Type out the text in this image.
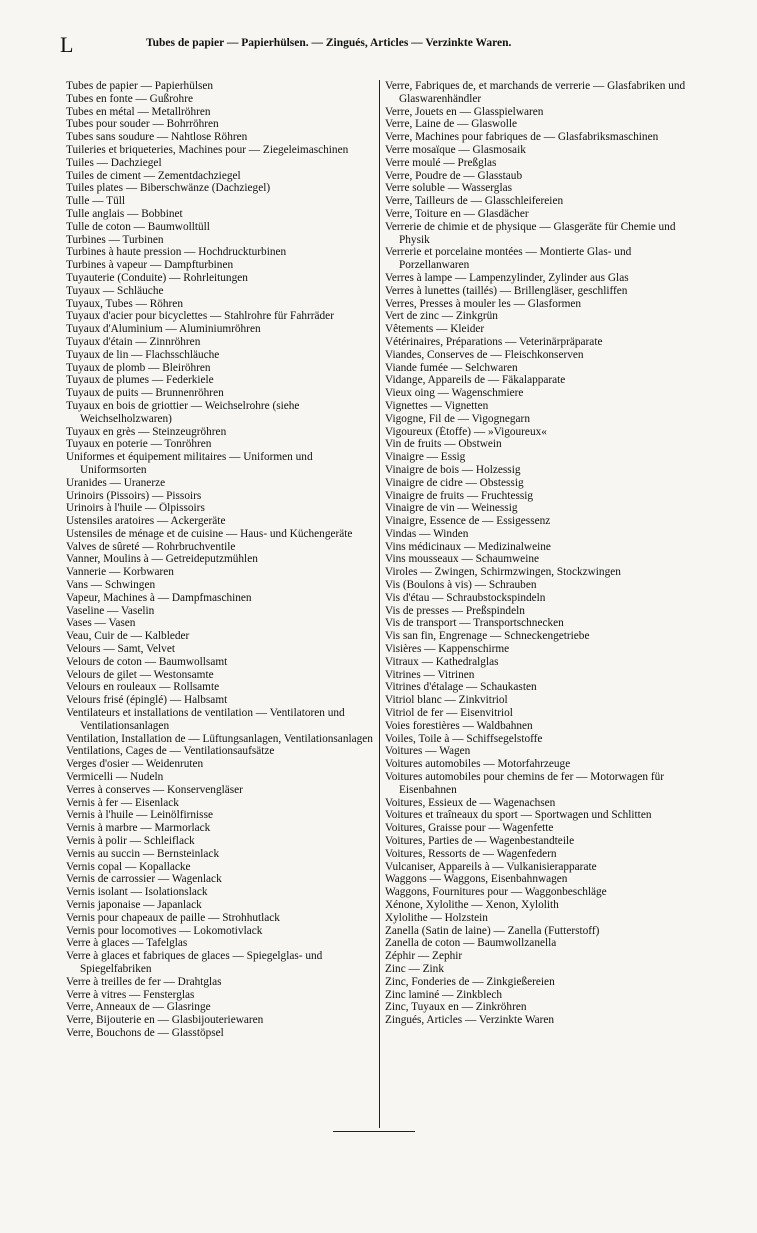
L	Tubes de papier — Papierhülsen. — Zingués, Articles — Verzinkte Waren.
Tubes de papier — Papierhülsen
Tubes en fonte — Gußrohre
Tubes en métal — Metallröhren
Tubes pour souder — Bohrröhren
Tubes sans soudure — Nahtlose Röhren
Tuileries et briqueteries, Machines pour — Ziegeleimaschinen
Tuiles — Dachziegel
Tuiles de ciment — Zementdachziegel
Tuiles plates — Biberschwänze (Dachziegel)
Tulle — Tüll
Tulle anglais — Bobbinet
Tulle de coton — Baumwolltüll
Turbines — Turbinen
Turbines à haute pression — Hochdruckturbinen
Turbines à vapeur — Dampfturbinen
Tuyauterie (Conduite) — Rohrleitungen
Tuyaux — Schläuche
Tuyaux, Tubes — Röhren
Tuyaux d'acier pour bicyclettes — Stahlrohre für Fahrräder
Tuyaux d'Aluminium — Aluminiumröhren
Tuyaux d'étain — Zinnröhren
Tuyaux de lin — Flachsschläuche
Tuyaux de plomb — Bleiröhren
Tuyaux de plumes — Federkiele
Tuyaux de puits — Brunnenröhren
Tuyaux en bois de griottier — Weichselrohre (siehe Weichselholzwaren)
Tuyaux en grès — Steinzeugröhren
Tuyaux en poterie — Tonröhren
Uniformes et équipement militaires — Uniformen und Uniformsorten
Uranides — Uranerze
Urinoirs (Pissoirs) — Pissoirs
Urinoirs à l'huile — Ölpissoirs
Ustensiles aratoires — Ackergeräte
Ustensiles de ménage et de cuisine — Haus- und Küchengeräte
Valves de sûreté — Rohrbruchventile
Vanner, Moulins à — Getreideputzmühlen
Vannerie — Korbwaren
Vans — Schwingen
Vapeur, Machines à — Dampfmaschinen
Vaseline — Vaselin
Vases — Vasen
Veau, Cuir de — Kalbleder
Velours — Samt, Velvet
Velours de coton — Baumwollsamt
Velours de gilet — Westonsamte
Velours en rouleaux — Rollsamte
Velours frisé (épinglé) — Halbsamt
Ventilateurs et installations de ventilation — Ventilatoren und Ventilationsanlagen
Ventilation, Installation de — Lüftungsanlagen, Ventilationsanlagen
Ventilations, Cages de — Ventilationsaufsätze
Verges d'osier — Weidenruten
Vermicelli — Nudeln
Verres à conserves — Konservengläser
Vernis à fer — Eisenlack
Vernis à l'huile — Leinölfirnisse
Vernis à marbre — Marmorlack
Vernis à polir — Schleiflack
Vernis au succin — Bernsteinlack
Vernis copal — Kopallacke
Vernis de carrossier — Wagenlack
Vernis isolant — Isolationslack
Vernis japonaise — Japanlack
Vernis pour chapeaux de paille — Strohhutlack
Vernis pour locomotives — Lokomotivlack
Verre à glaces — Tafelglas
Verre à glaces et fabriques de glaces — Spiegelglas- und Spiegelfabriken
Verre à treilles de fer — Drahtglas
Verre à vitres — Fensterglas
Verre, Anneaux de — Glasringe
Verre, Bijouterie en — Glasbijouteriewaren
Verre, Bouchons de — Glasstöpsel
Verre, Fabriques de, et marchands de verrerie — Glasfabriken und Glaswarenhändler
Verre, Jouets en — Glasspielwaren
Verre, Laine de — Glaswolle
Verre, Machines pour fabriques de — Glasfabriksmaschinen
Verre mosaïque — Glasmosaik
Verre moulé — Preßglas
Verre, Poudre de — Glasstaub
Verre soluble — Wasserglas
Verre, Tailleurs de — Glasschleifereien
Verre, Toiture en — Glasdächer
Verrerie de chimie et de physique — Glasgeräte für Chemie und Physik
Verrerie et porcelaine montées — Montierte Glas- und Porzellanwaren
Verres à lampe — Lampenzylinder, Zylinder aus Glas
Verres à lunettes (taillés) — Brillengläser, geschliffen
Verres, Presses à mouler les — Glasformen
Vert de zinc — Zinkgrün
Vêtements — Kleider
Vétérinaires, Préparations — Veterinärpräparate
Viandes, Conserves de — Fleischkonserven
Viande fumée — Selchwaren
Vidange, Appareils de — Fäkalapparate
Vieux oing — Wagenschmiere
Vignettes — Vignetten
Vigogne, Fil de — Vigognegarn
Vigoureux (Étoffe) — »Vigoureux«
Vin de fruits — Obstwein
Vinaigre — Essig
Vinaigre de bois — Holzessig
Vinaigre de cidre — Obstessig
Vinaigre de fruits — Fruchtessig
Vinaigre de vin — Weinessig
Vinaigre, Essence de — Essigessenz
Vindas — Winden
Vins médicinaux — Medizinalweine
Vins mousseaux — Schaumweine
Viroles — Zwingen, Schirmzwingen, Stockzwingen
Vis (Boulons à vis) — Schrauben
Vis d'étau — Schraubstockspindeln
Vis de presses — Preßspindeln
Vis de transport — Transportschnecken
Vis san fin, Engrenage — Schneckengetriebe
Visières — Kappenschirme
Vitraux — Kathedralglas
Vitrines — Vitrinen
Vitrines d'étalage — Schaukasten
Vitriol blanc — Zinkvitriol
Vitriol de fer — Eisenvitriol
Voies forestières — Waldbahnen
Voiles, Toile à — Schiffsegelstoffe
Voitures — Wagen
Voitures automobiles — Motorfahrzeuge
Voitures automobiles pour chemins de fer — Motorwagen für Eisenbahnen
Voitures, Essieux de — Wagenachsen
Voitures et traîneaux du sport — Sportwagen und Schlitten
Voitures, Graisse pour — Wagenfette
Voitures, Parties de — Wagenbestandteile
Voitures, Ressorts de — Wagenfedern
Vulcaniser, Appareils à — Vulkanisierapparate
Waggons — Waggons, Eisenbahnwagen
Waggons, Fournitures pour — Waggonbeschläge
Xénone, Xylolithe — Xenon, Xylolith
Xylolithe — Holzstein
Zanella (Satin de laine) — Zanella (Futterstoff)
Zanella de coton — Baumwollzanella
Zéphir — Zephir
Zinc — Zink
Zinc, Fonderies de — Zinkgießereien
Zinc laminé — Zinkblech
Zinc, Tuyaux en — Zinkröhren
Zingués, Articles — Verzinkte Waren
